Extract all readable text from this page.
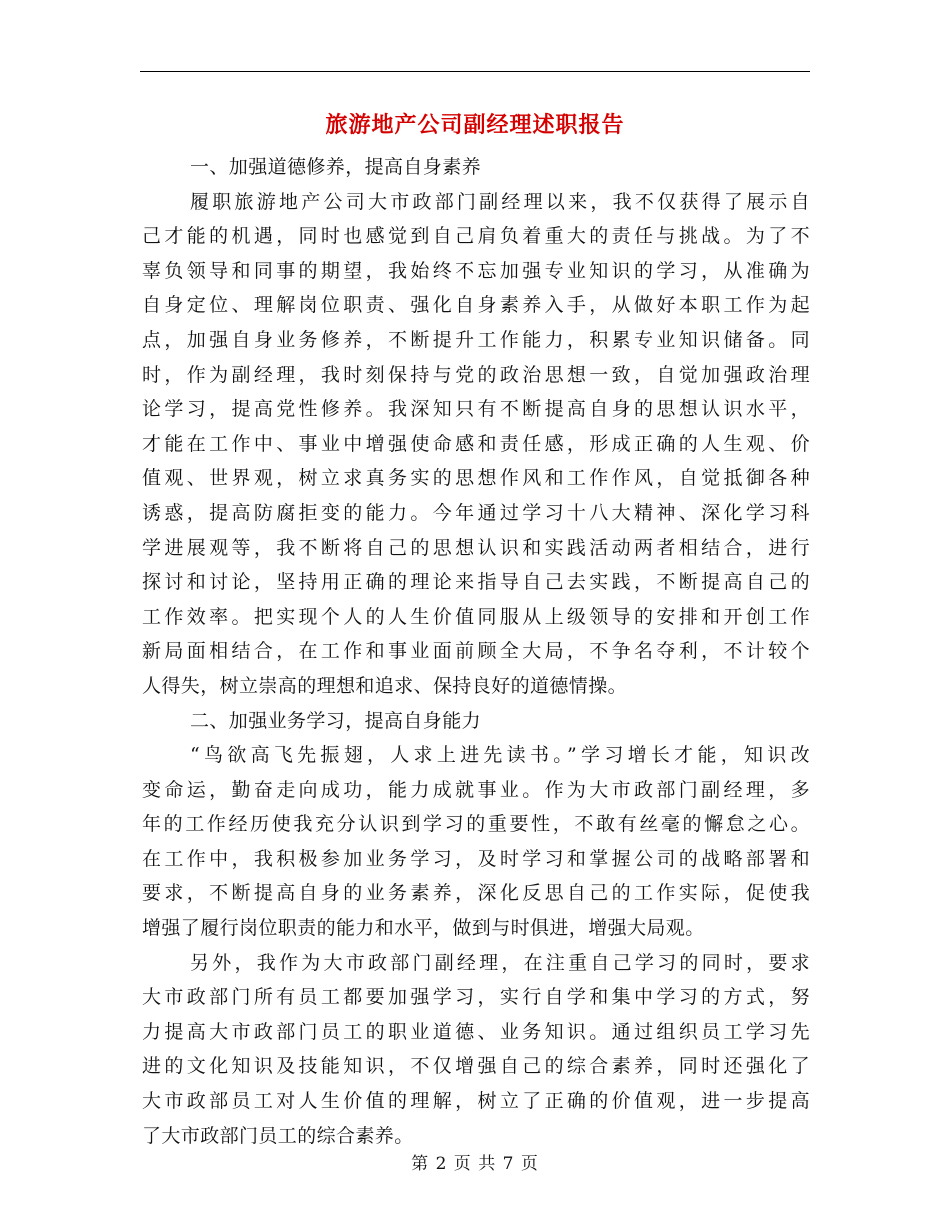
旅游地产公司副经理述职报告
一、加强道德修养，提高自身素养
履职旅游地产公司大市政部门副经理以来，我不仅获得了展示自
己才能的机遇，同时也感觉到自己肩负着重大的责任与挑战。为了不
辜负领导和同事的期望，我始终不忘加强专业知识的学习，从准确为
自身定位、理解岗位职责、强化自身素养入手，从做好本职工作为起
点，加强自身业务修养，不断提升工作能力，积累专业知识储备。同
时，作为副经理，我时刻保持与党的政治思想一致，自觉加强政治理
论学习，提高党性修养。我深知只有不断提高自身的思想认识水平，
才能在工作中、事业中增强使命感和责任感，形成正确的人生观、价
值观、世界观，树立求真务实的思想作风和工作作风，自觉抵御各种
诱惑，提高防腐拒变的能力。今年通过学习十八大精神、深化学习科
学进展观等，我不断将自己的思想认识和实践活动两者相结合，进行
探讨和讨论，坚持用正确的理论来指导自己去实践，不断提高自己的
工作效率。把实现个人的人生价值同服从上级领导的安排和开创工作
新局面相结合，在工作和事业面前顾全大局，不争名夺利，不计较个
人得失，树立崇高的理想和追求、保持良好的道德情操。
二、加强业务学习，提高自身能力
“鸟欲高飞先振翅，人求上进先读书。”学习增长才能，知识改
变命运，勤奋走向成功，能力成就事业。作为大市政部门副经理，多
年的工作经历使我充分认识到学习的重要性，不敢有丝毫的懈怠之心。
在工作中，我积极参加业务学习，及时学习和掌握公司的战略部署和
要求，不断提高自身的业务素养，深化反思自己的工作实际，促使我
增强了履行岗位职责的能力和水平，做到与时俱进，增强大局观。
另外，我作为大市政部门副经理，在注重自己学习的同时，要求
大市政部门所有员工都要加强学习，实行自学和集中学习的方式，努
力提高大市政部门员工的职业道德、业务知识。通过组织员工学习先
进的文化知识及技能知识，不仅增强自己的综合素养，同时还强化了
大市政部员工对人生价值的理解，树立了正确的价值观，进一步提高
了大市政部门员工的综合素养。
第 2 页 共 7 页
